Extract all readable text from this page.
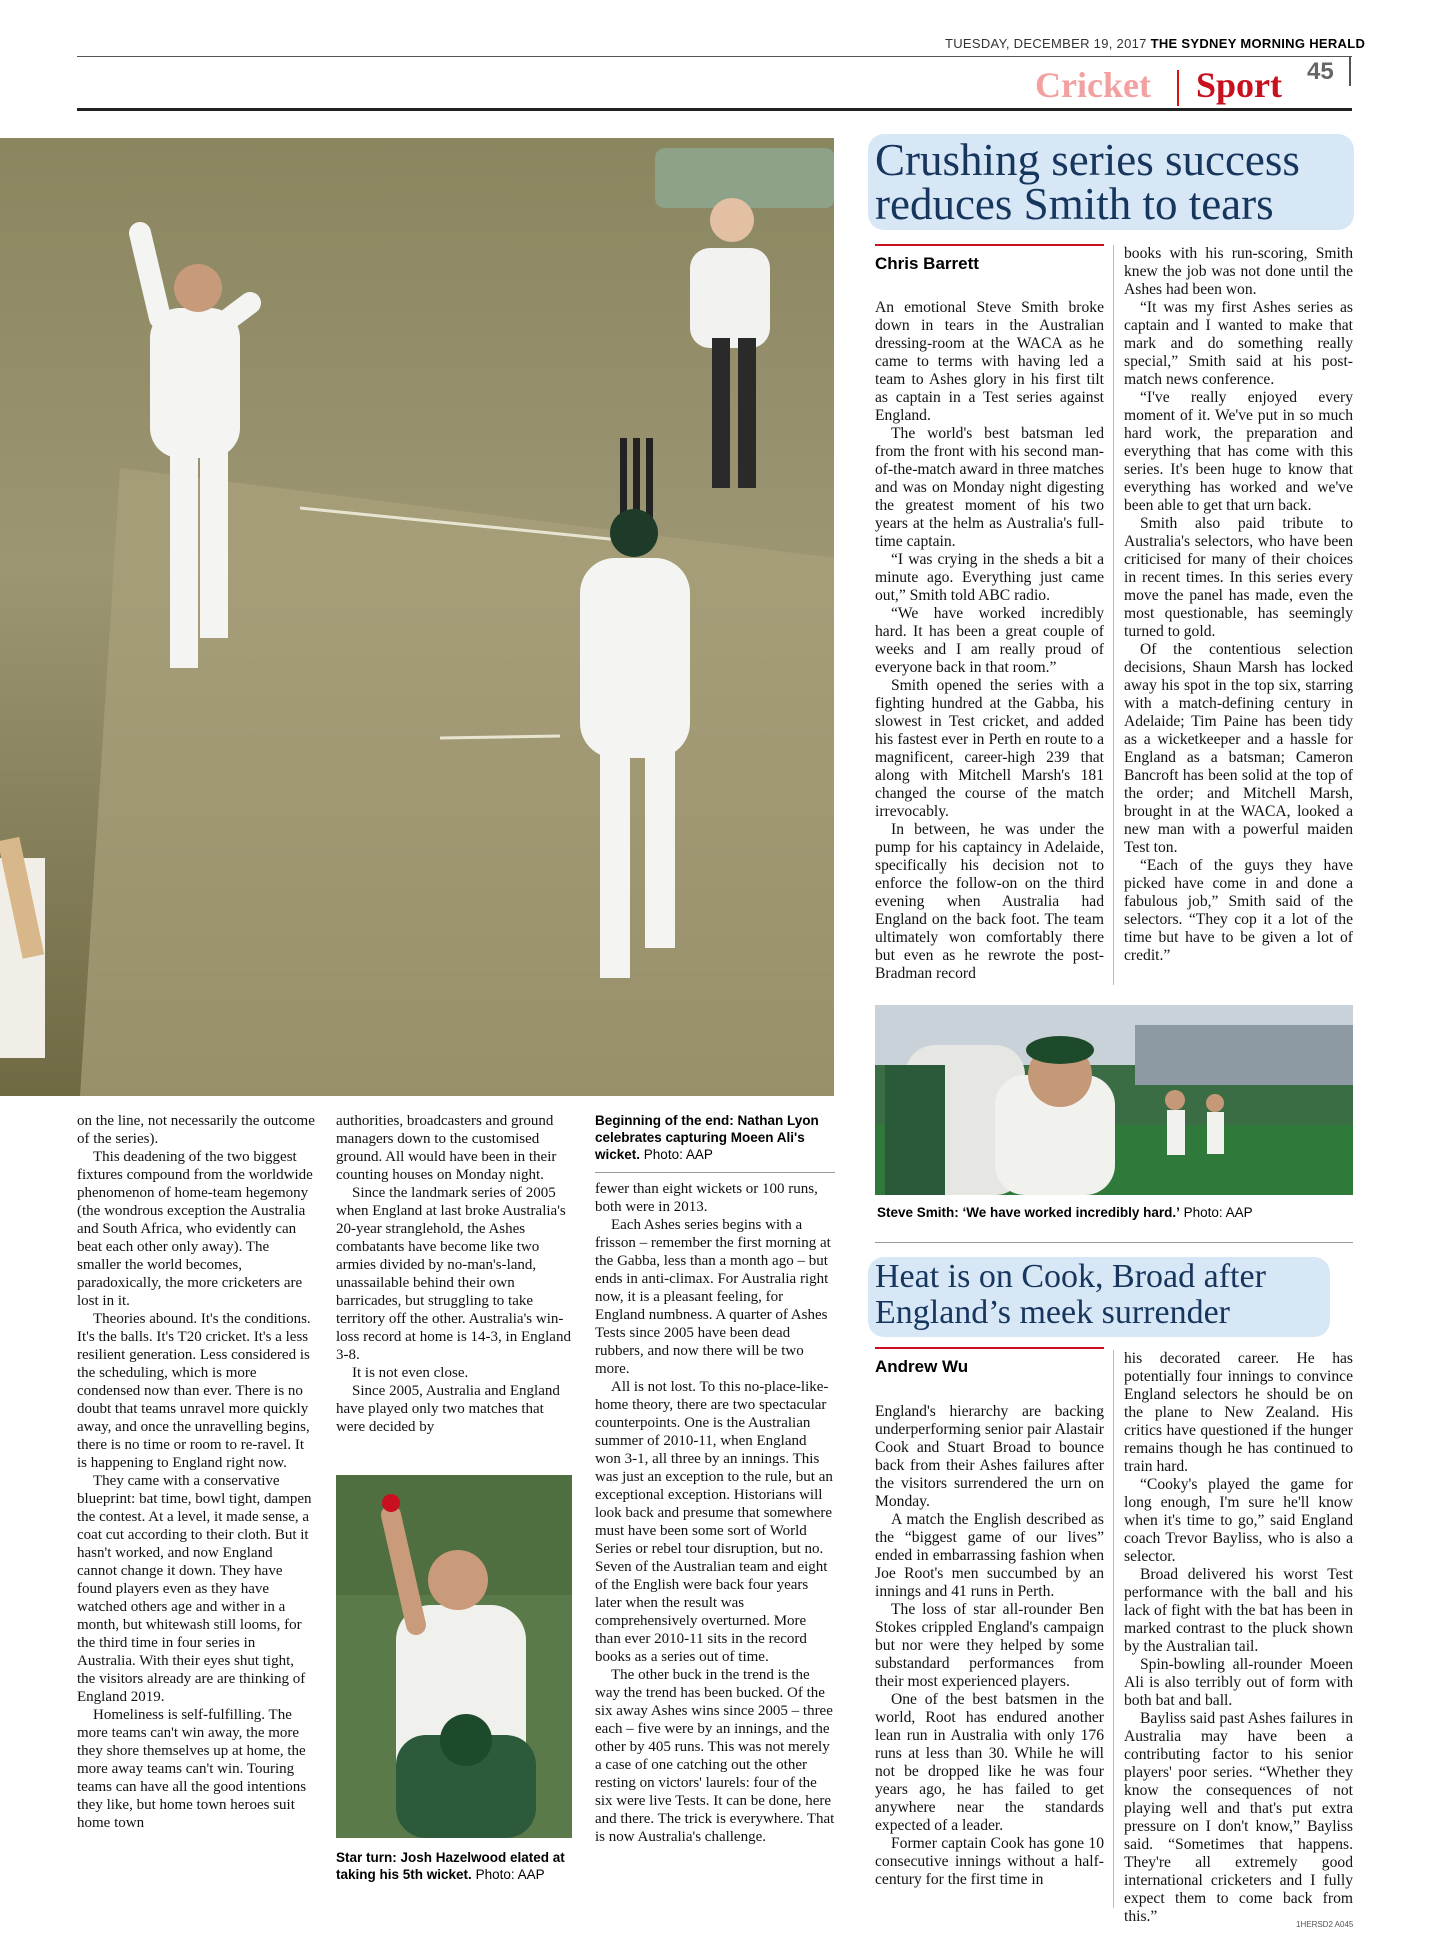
TUESDAY, DECEMBER 19, 2017 THE SYDNEY MORNING HERALD
Cricket Sport 45
Crushing series success
reduces Smith to tears
Chris Barrett

An emotional Steve Smith broke down in tears in the Australian dressing-room at the WACA as he came to terms with having led a team to Ashes glory in his first tilt as captain in a Test series against England.

The world's best batsman led from the front with his second man-of-the-match award in three matches and was on Monday night digesting the greatest moment of his two years at the helm as Australia's full-time captain.

“I was crying in the sheds a bit a minute ago. Everything just came out,” Smith told ABC radio.

“We have worked incredibly hard. It has been a great couple of weeks and I am really proud of everyone back in that room.”

Smith opened the series with a fighting hundred at the Gabba, his slowest in Test cricket, and added his fastest ever in Perth en route to a magnificent, career-high 239 that along with Mitchell Marsh's 181 changed the course of the match irrevocably.

In between, he was under the pump for his captaincy in Adelaide, specifically his decision not to enforce the follow-on on the third evening when Australia had England on the back foot. The team ultimately won comfortably there but even as he rewrote the post-Bradman record

books with his run-scoring, Smith knew the job was not done until the Ashes had been won.

“It was my first Ashes series as captain and I wanted to make that mark and do something really special,” Smith said at his post-match news conference.

“I've really enjoyed every moment of it. We've put in so much hard work, the preparation and everything that has come with this series. It's been huge to know that everything has worked and we've been able to get that urn back.

Smith also paid tribute to Australia's selectors, who have been criticised for many of their choices in recent times. In this series every move the panel has made, even the most questionable, has seemingly turned to gold.

Of the contentious selection decisions, Shaun Marsh has locked away his spot in the top six, starring with a match-defining century in Adelaide; Tim Paine has been tidy as a wicketkeeper and a hassle for England as a batsman; Cameron Bancroft has been solid at the top of the order; and Mitchell Marsh, brought in at the WACA, looked a new man with a powerful maiden Test ton.

“Each of the guys they have picked have come in and done a fabulous job,” Smith said of the selectors. “They cop it a lot of the time but have to be given a lot of credit.”

Steve Smith: ‘We have worked incredibly hard.’ Photo: AAP
Heat is on Cook, Broad after
England’s meek surrender
Andrew Wu

England's hierarchy are backing underperforming senior pair Alastair Cook and Stuart Broad to bounce back from their Ashes failures after the visitors surrendered the urn on Monday.

A match the English described as the “biggest game of our lives” ended in embarrassing fashion when Joe Root's men succumbed by an innings and 41 runs in Perth.

The loss of star all-rounder Ben Stokes crippled England's campaign but nor were they helped by some substandard performances from their most experienced players.

One of the best batsmen in the world, Root has endured another lean run in Australia with only 176 runs at less than 30. While he will not be dropped like he was four years ago, he has failed to get anywhere near the standards expected of a leader.

Former captain Cook has gone 10 consecutive innings without a half-century for the first time in

his decorated career. He has potentially four innings to convince England selectors he should be on the plane to New Zealand. His critics have questioned if the hunger remains though he has continued to train hard.

“Cooky's played the game for long enough, I'm sure he'll know when it's time to go,” said England coach Trevor Bayliss, who is also a selector.

Broad delivered his worst Test performance with the ball and his lack of fight with the bat has been in marked contrast to the pluck shown by the Australian tail.

Spin-bowling all-rounder Moeen Ali is also terribly out of form with both bat and ball.

Bayliss said past Ashes failures in Australia may have been a contributing factor to his senior players' poor series. “Whether they know the consequences of not playing well and that's put extra pressure on I don't know,” Bayliss said. “Sometimes that happens. They're all extremely good international cricketers and I fully expect them to come back from this.”

on the line, not necessarily the outcome of the series).

This deadening of the two biggest fixtures compound from the worldwide phenomenon of home-team hegemony (the wondrous exception the Australia and South Africa, who evidently can beat each other only away). The smaller the world becomes, paradoxically, the more cricketers are lost in it.

Theories abound. It's the conditions. It's the balls. It's T20 cricket. It's a less resilient generation. Less considered is the scheduling, which is more condensed now than ever. There is no doubt that teams unravel more quickly away, and once the unravelling begins, there is no time or room to re-ravel. It is happening to England right now.

They came with a conservative blueprint: bat time, bowl tight, dampen the contest. At a level, it made sense, a coat cut according to their cloth. But it hasn't worked, and now England cannot change it down. They have found players even as they have watched others age and wither in a month, but whitewash still looms, for the third time in four series in Australia. With their eyes shut tight, the visitors already are are thinking of England 2019.

Homeliness is self-fulfilling. The more teams can't win away, the more they shore themselves up at home, the more away teams can't win. Touring teams can have all the good intentions they like, but home town heroes suit home town

authorities, broadcasters and ground managers down to the customised ground. All would have been in their counting houses on Monday night.

Since the landmark series of 2005 when England at last broke Australia's 20-year stranglehold, the Ashes combatants have become like two armies divided by no-man's-land, unassailable behind their own barricades, but struggling to take territory off the other. Australia's win-loss record at home is 14-3, in England 3-8.

It is not even close.

Since 2005, Australia and England have played only two matches that were decided by

Beginning of the end: Nathan Lyon celebrates capturing Moeen Ali's wicket. Photo: AAP

fewer than eight wickets or 100 runs, both were in 2013.

Each Ashes series begins with a frisson – remember the first morning at the Gabba, less than a month ago – but ends in anti-climax. For Australia right now, it is a pleasant feeling, for England numbness. A quarter of Ashes Tests since 2005 have been dead rubbers, and now there will be two more.

All is not lost. To this no-place-like-home theory, there are two spectacular counterpoints. One is the Australian summer of 2010-11, when England won 3-1, all three by an innings. This was just an exception to the rule, but an exceptional exception. Historians will look back and presume that somewhere must have been some sort of World Series or rebel tour disruption, but no. Seven of the Australian team and eight of the English were back four years later when the result was comprehensively overturned. More than ever 2010-11 sits in the record books as a series out of time.

The other buck in the trend is the way the trend has been bucked. Of the six away Ashes wins since 2005 – three each – five were by an innings, and the other by 405 runs. This was not merely a case of one catching out the other resting on victors' laurels: four of the six were live Tests. It can be done, here and there. The trick is everywhere. That is now Australia's challenge.

Star turn: Josh Hazelwood elated at taking his 5th wicket. Photo: AAP
1HERSD2 A045
